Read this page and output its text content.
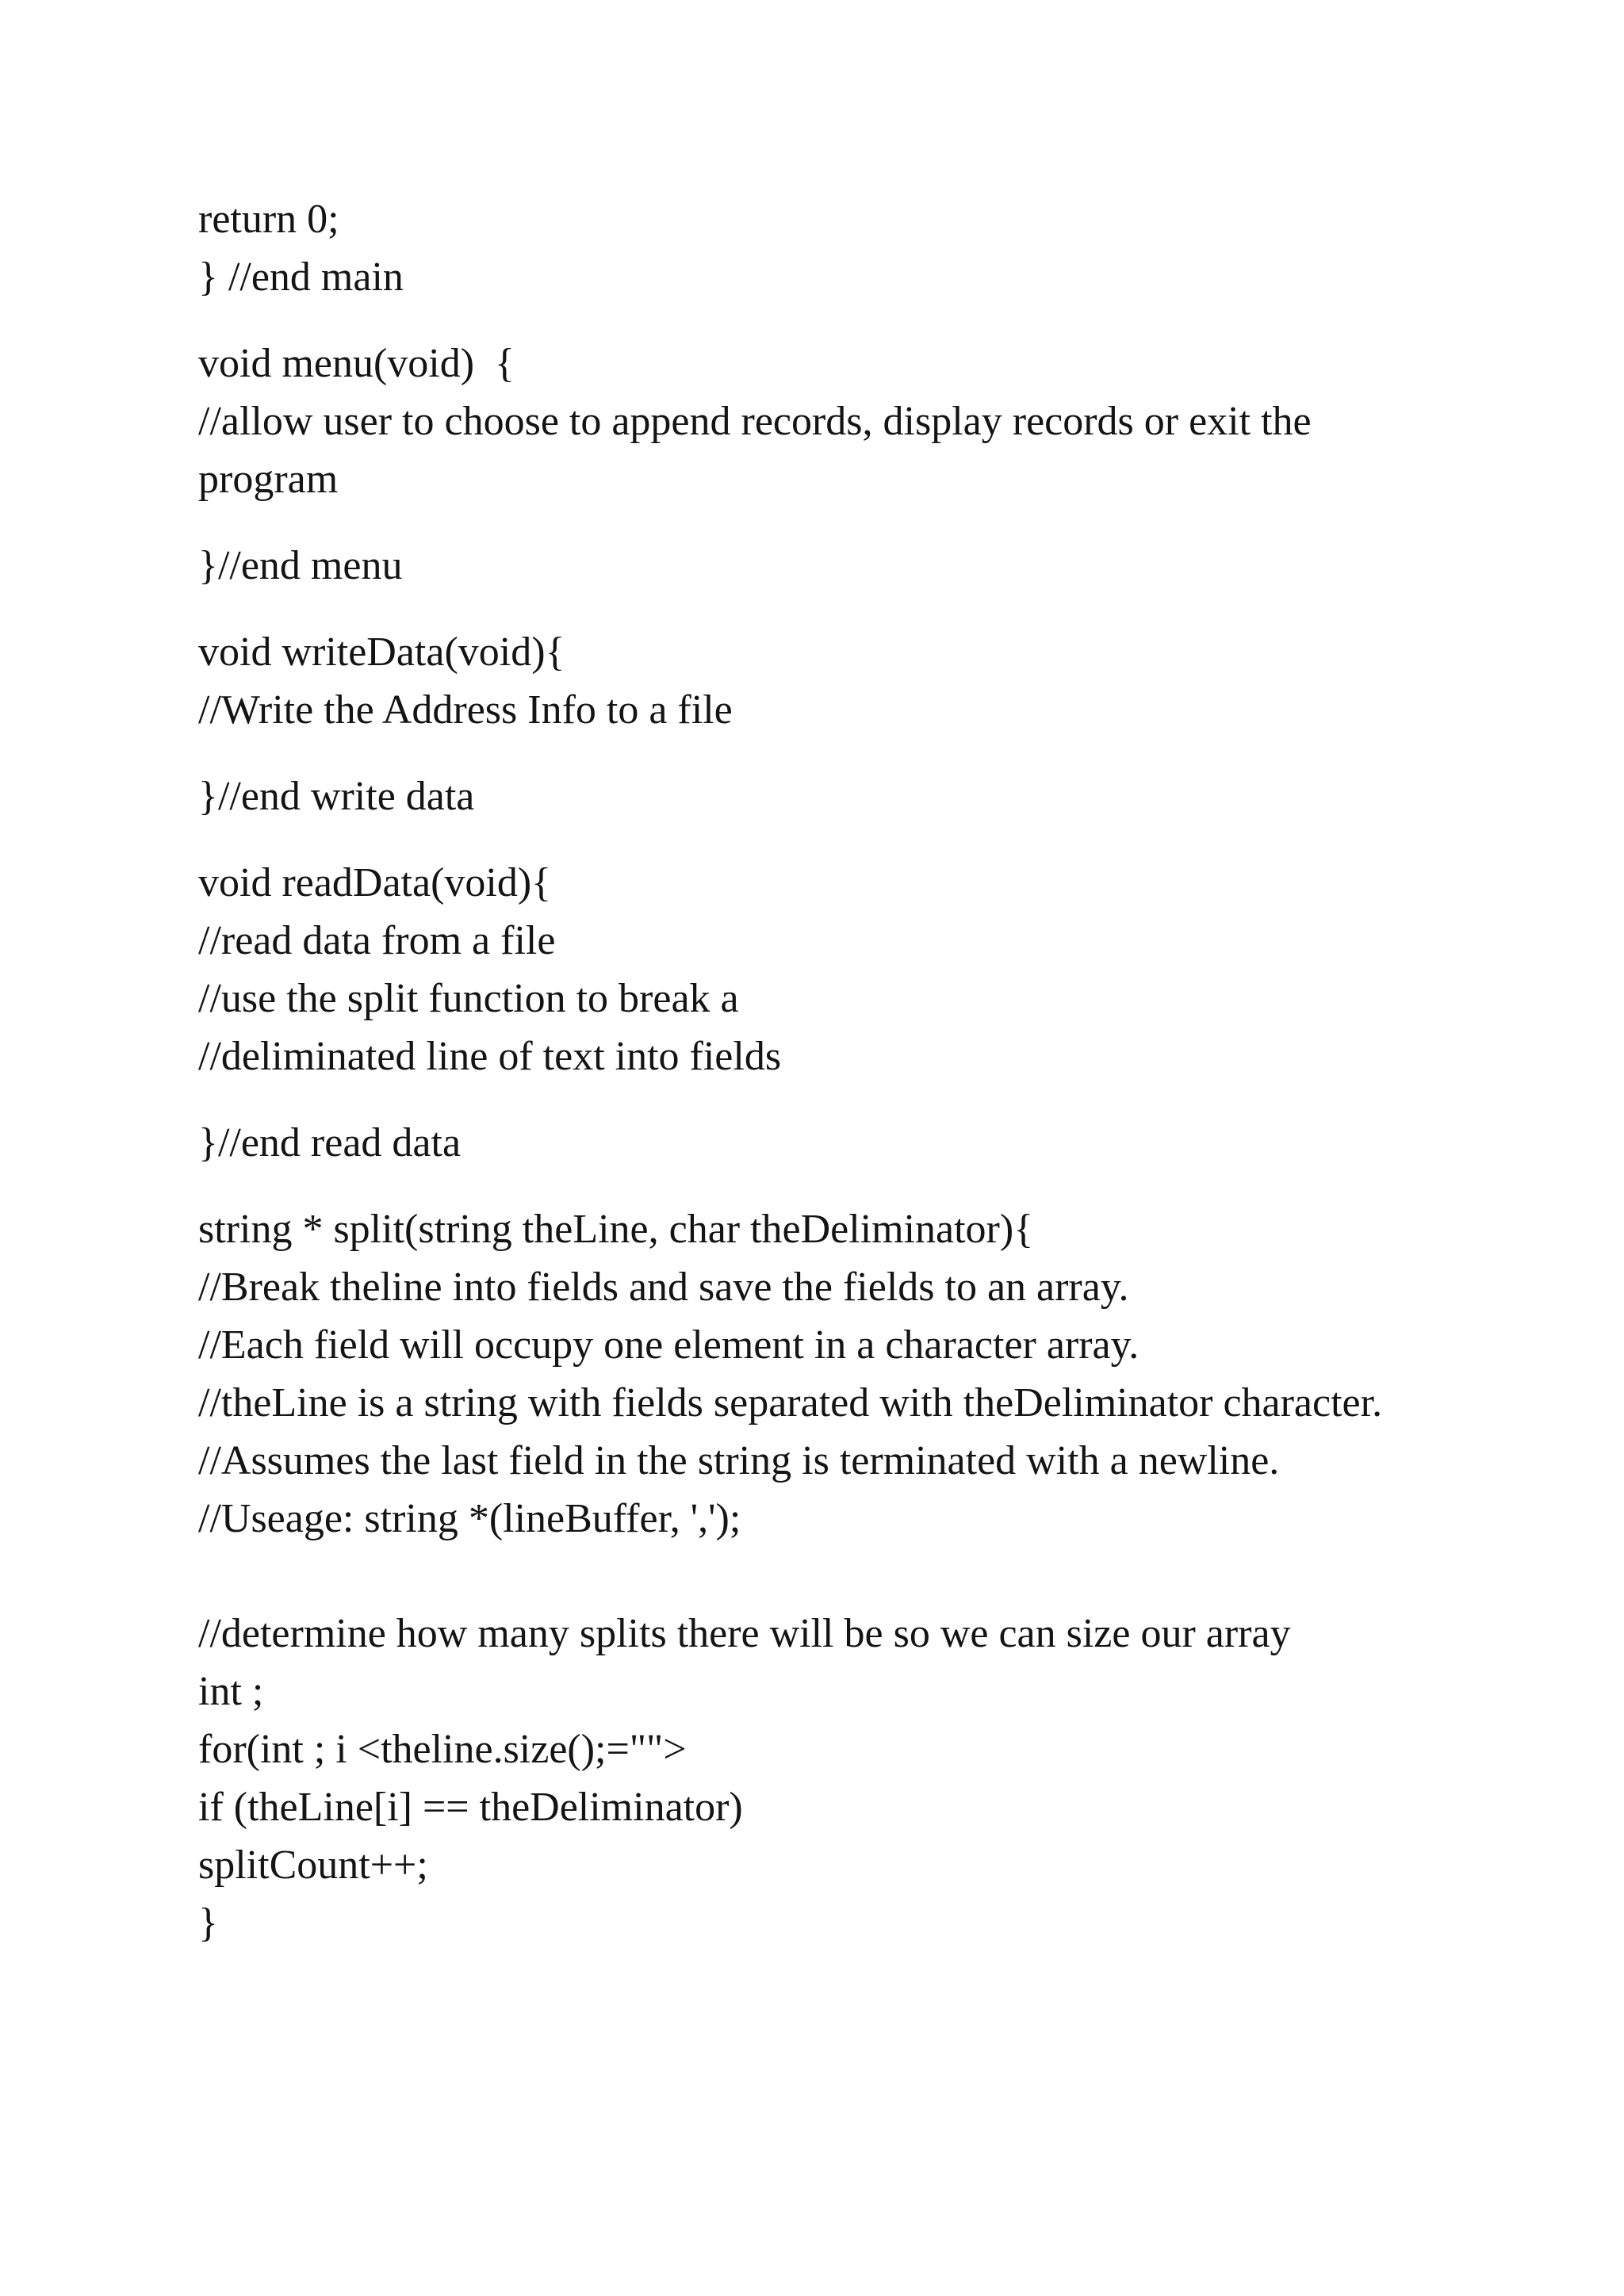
return 0;
} //end main
void menu(void)  {
//allow user to choose to append records, display records or exit the program
}//end menu
void writeData(void){
//Write the Address Info to a file
}//end write data
void readData(void){
//read data from a file
//use the split function to break a
//deliminated line of text into fields
}//end read data
string * split(string theLine, char theDeliminator){
//Break theline into fields and save the fields to an array.
//Each field will occupy one element in a character array.
//theLine is a string with fields separated with theDeliminator character.
//Assumes the last field in the string is terminated with a newline.
//Useage: string *(lineBuffer, ',');
//determine how many splits there will be so we can size our array
int ;
for(int ; i <theline.size();="">
if (theLine[i] == theDeliminator)
splitCount++;
}
